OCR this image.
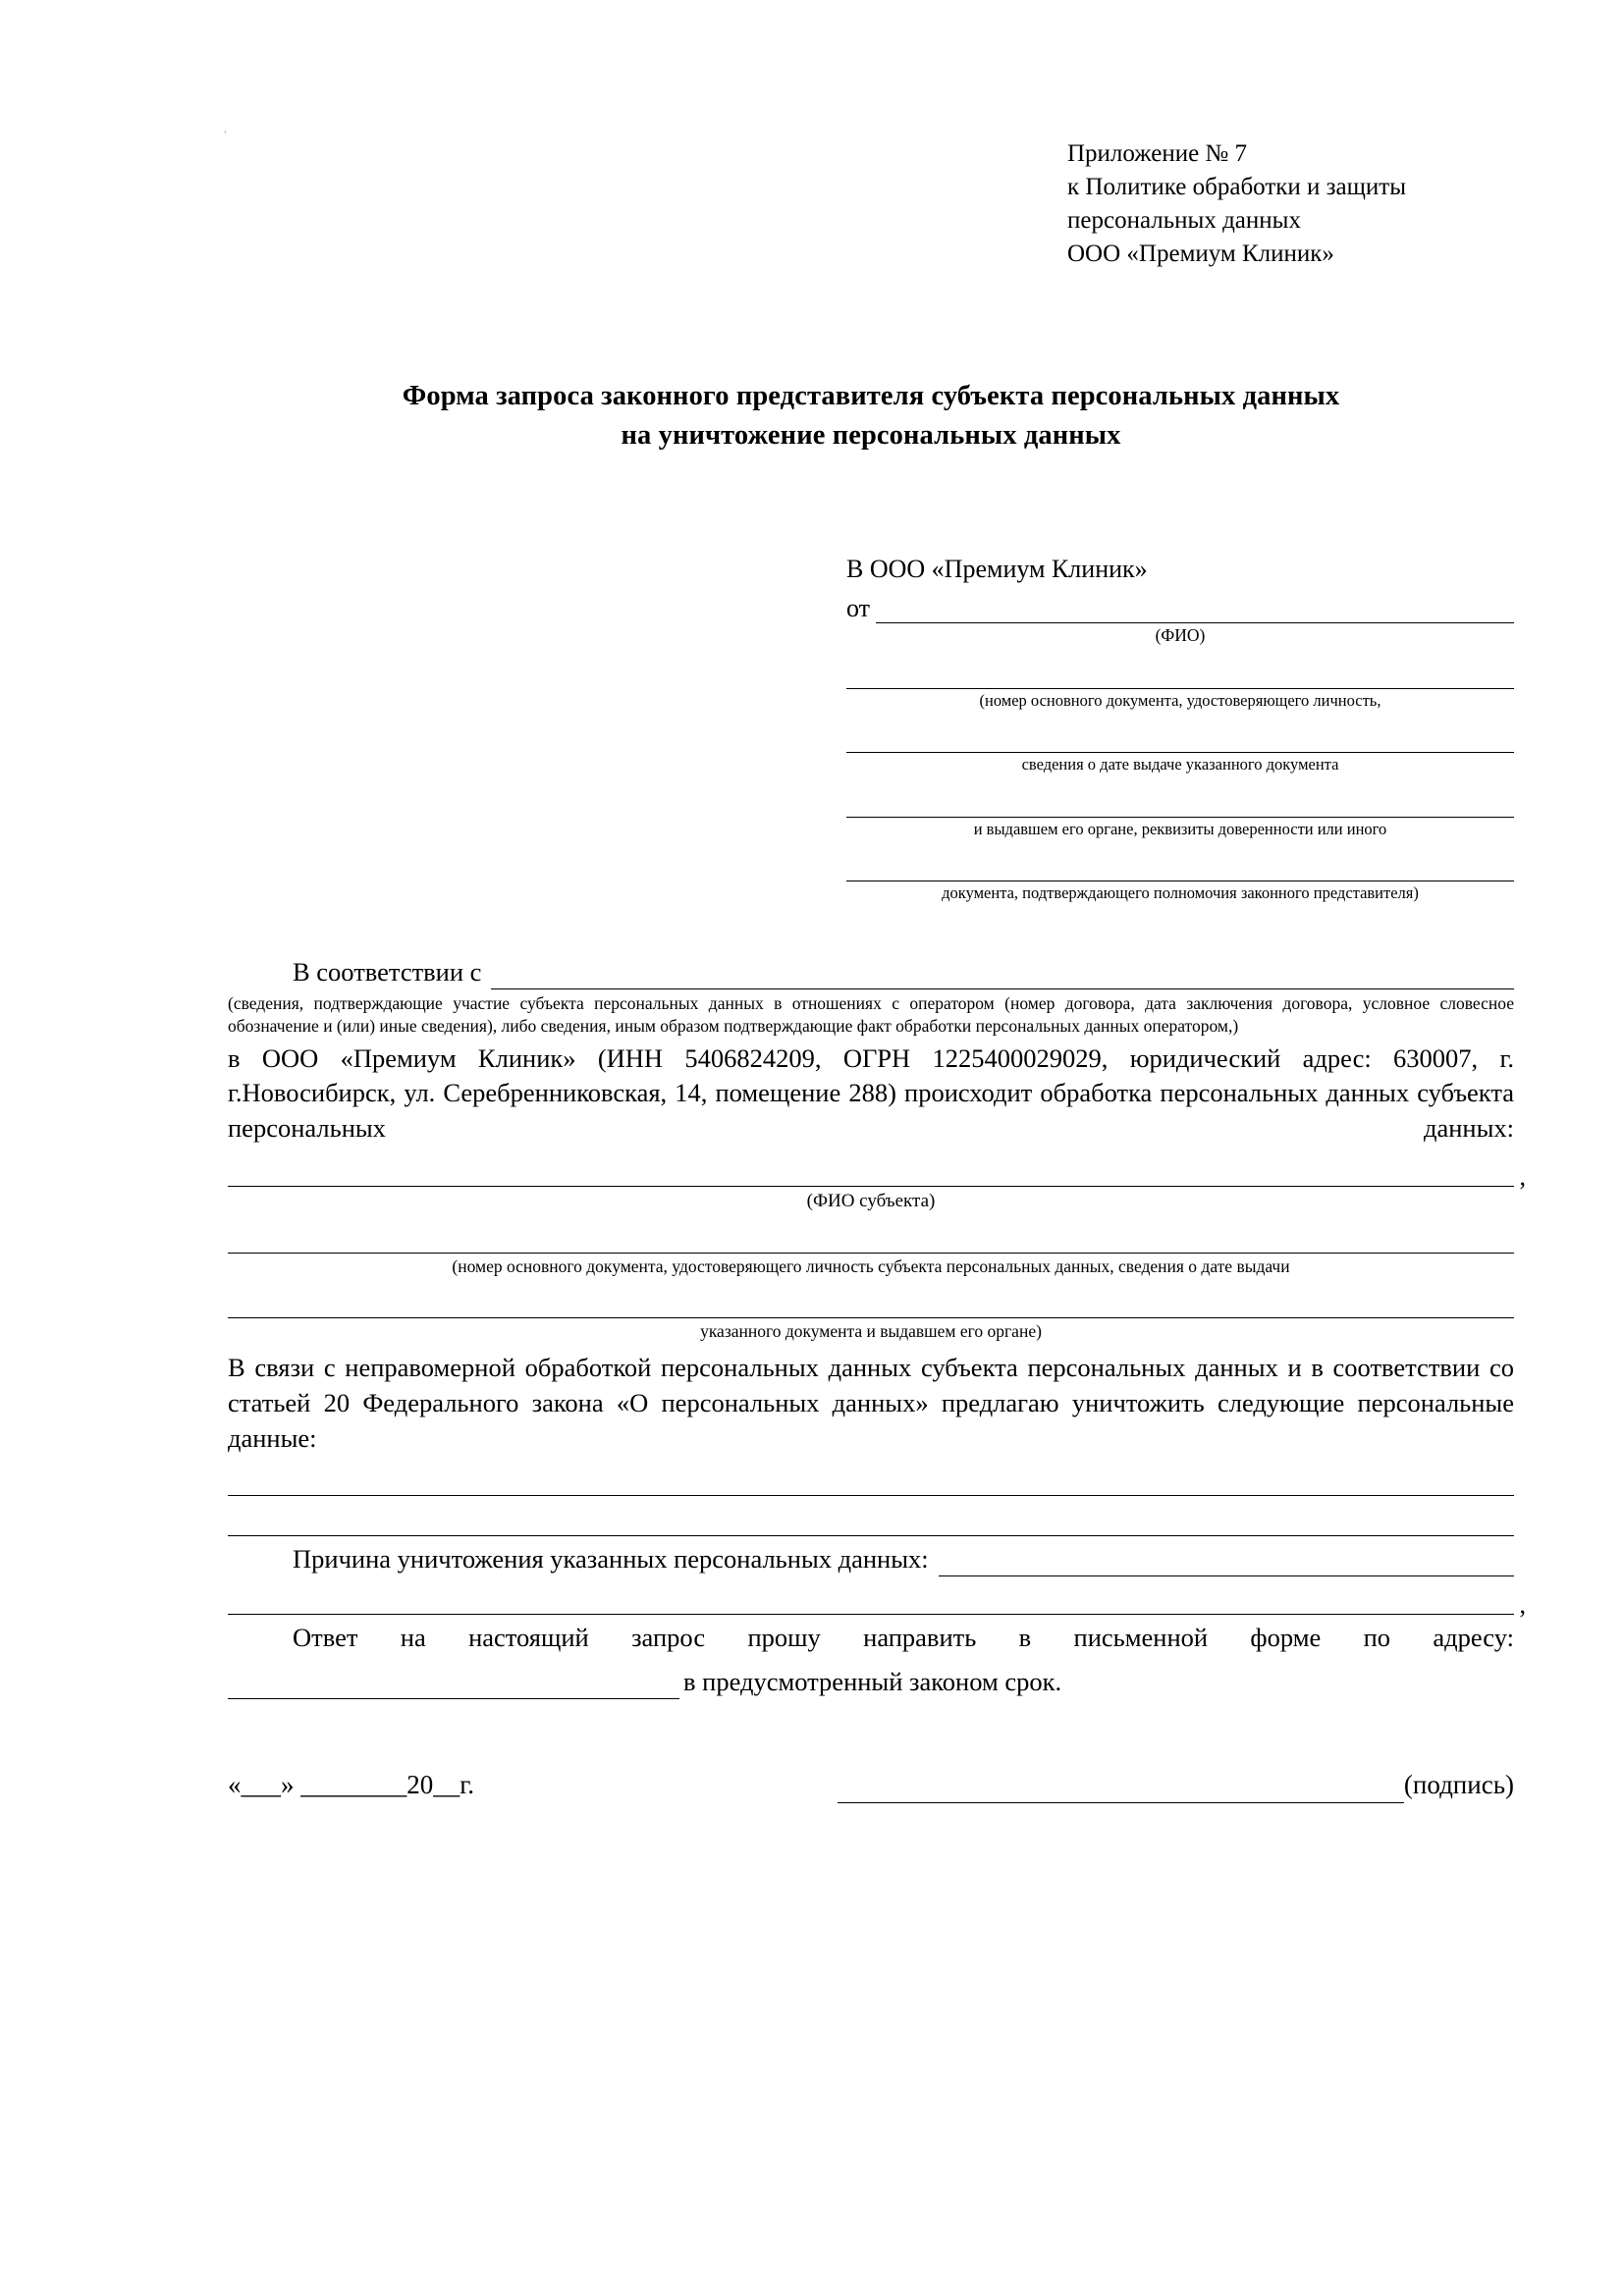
'
Приложение № 7
к Политике обработки и защиты
персональных данных
ООО «Премиум Клиник»
Форма запроса законного представителя субъекта персональных данных
на уничтожение персональных данных
В ООО «Премиум Клиник»
от
(ФИО)
(номер основного документа, удостоверяющего личность,
сведения о дате выдаче указанного документа
и выдавшем его органе, реквизиты доверенности или иного
документа, подтверждающего полномочия законного представителя)
В соответствии с
(сведения, подтверждающие участие субъекта персональных данных в отношениях с оператором (номер договора, дата заключения договора, условное словесное обозначение и (или) иные сведения), либо сведения, иным образом подтверждающие факт обработки персональных данных оператором,)
в ООО «Премиум Клиник» (ИНН 5406824209, ОГРН 1225400029029, юридический адрес: 630007, г. г.Новосибирск, ул. Серебренниковская, 14, помещение 288) происходит обработка персональных данных субъекта персональных данных:
,
(ФИО субъекта)
(номер основного документа, удостоверяющего личность субъекта персональных данных, сведения о дате выдачи
указанного документа и выдавшем его органе)
В связи с неправомерной обработкой персональных данных субъекта персональных данных и в соответствии со статьей 20 Федерального закона «О персональных данных» предлагаю уничтожить следующие персональные данные:
Причина уничтожения указанных персональных данных:
,
Ответ на настоящий запрос прошу направить в письменной форме по адресу:
в предусмотренный законом срок.
«___» ________20__г.	(подпись)
